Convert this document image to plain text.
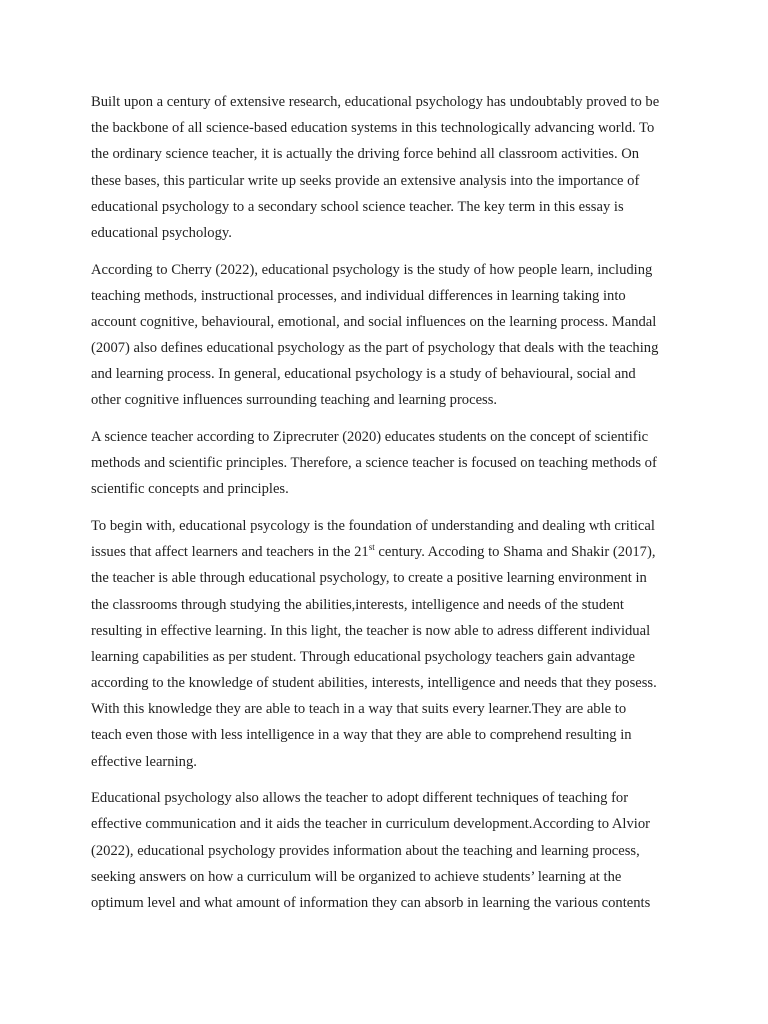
Built upon a century of extensive research, educational psychology has undoubtably proved to be
the backbone of all science-based education systems in this technologically advancing world. To
the ordinary science teacher, it is actually the driving force behind all classroom activities. On
these bases, this particular write up seeks provide an extensive analysis into the importance of
educational psychology to a secondary school science teacher. The key term in this essay is
educational psychology.

According to Cherry (2022), educational psychology is the study of how people learn, including
teaching methods, instructional processes, and individual differences in learning taking into
account cognitive, behavioural, emotional, and social influences on the learning process. Mandal
(2007) also defines educational psychology as the part of psychology that deals with the teaching
and learning process. In general, educational psychology is a study of behavioural, social and
other cognitive influences surrounding teaching and learning process.

A science teacher according to Ziprecruter (2020) educates students on the concept of scientific
methods and scientific principles. Therefore, a science teacher is focused on teaching methods of
scientific concepts and principles.

To begin with, educational psycology is the foundation of understanding and dealing wth critical
issues that affect learners and teachers in the 21st century. Accoding to Shama and Shakir (2017),
the teacher is able through educational psychology, to create a positive learning environment in
the classrooms through studying the abilities,interests, intelligence and needs of the student
resulting in effective learning. In this light, the teacher is now able to adress different individual
learning capabilities as per student. Through educational psychology teachers gain advantage
according to the knowledge of student abilities, interests, intelligence and needs that they posess.
With this knowledge they are able to teach in a way that suits every learner.They are able to
teach even those with less intelligence in a way that they are able to comprehend resulting in
effective learning.

Educational psychology also allows the teacher to adopt different techniques of teaching for
effective communication and it aids the teacher in curriculum development.According to Alvior
(2022), educational psychology provides information about the teaching and learning process,
seeking answers on how a curriculum will be organized to achieve students’ learning at the
optimum level and what amount of information they can absorb in learning the various contents
